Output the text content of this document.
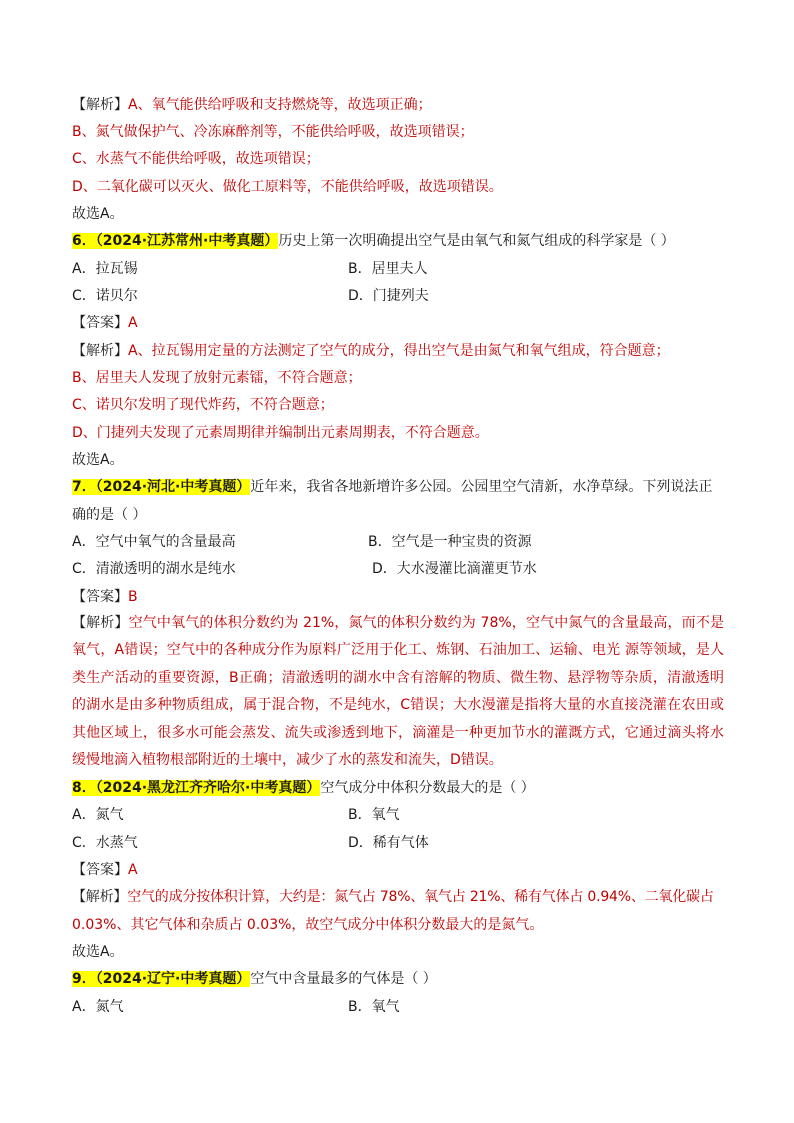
【解析】A、氧气能供给呼吸和支持燃烧等，故选项正确；
B、氮气做保护气、冷冻麻醉剂等，不能供给呼吸，故选项错误；
C、水蒸气不能供给呼吸，故选项错误；
D、二氧化碳可以灭火、做化工原料等，不能供给呼吸，故选项错误。
故选A。
6．（2024·江苏常州·中考真题）历史上第一次明确提出空气是由氧气和氮气组成的科学家是（ ）
A．拉瓦锡	B．居里夫人
C．诺贝尔	D．门捷列夫
【答案】A
【解析】A、拉瓦锡用定量的方法测定了空气的成分，得出空气是由氮气和氧气组成，符合题意；
B、居里夫人发现了放射元素镭，不符合题意；
C、诺贝尔发明了现代炸药，不符合题意；
D、门捷列夫发现了元素周期律并编制出元素周期表，不符合题意。
故选A。
7．（2024·河北·中考真题）近年来，我省各地新增许多公园。公园里空气清新，水净草绿。下列说法正
确的是（ ）
A．空气中氧气的含量最高	B．空气是一种宝贵的资源
C．清澈透明的湖水是纯水	D．大水漫灌比滴灌更节水
【答案】B
【解析】空气中氧气的体积分数约为 21%，氮气的体积分数约为 78%，空气中氮气的含量最高，而不是氧气，A错误；空气中的各种成分作为原料广泛用于化工、炼钢、石油加工、运输、电光 源等领域，是人类生产活动的重要资源，B正确；清澈透明的湖水中含有溶解的物质、微生物、悬浮物等杂质，清澈透明的湖水是由多种物质组成，属于混合物，不是纯水，C错误；大水漫灌是指将大量的水直接浇灌在农田或其他区域上，很多水可能会蒸发、流失或渗透到地下，滴灌是一种更加节水的灌溉方式，它通过滴头将水缓慢地滴入植物根部附近的土壤中，减少了水的蒸发和流失，D错误。
8．（2024·黑龙江齐齐哈尔·中考真题）空气成分中体积分数最大的是（ ）
A．氮气	B．氧气
C．水蒸气	D．稀有气体
【答案】A
【解析】空气的成分按体积计算，大约是：氮气占 78%、氧气占 21%、稀有气体占 0.94%、二氧化碳占
0.03%、其它气体和杂质占 0.03%，故空气成分中体积分数最大的是氮气。
故选A。
9．（2024·辽宁·中考真题）空气中含量最多的气体是（ ）
A．氮气	B．氧气
